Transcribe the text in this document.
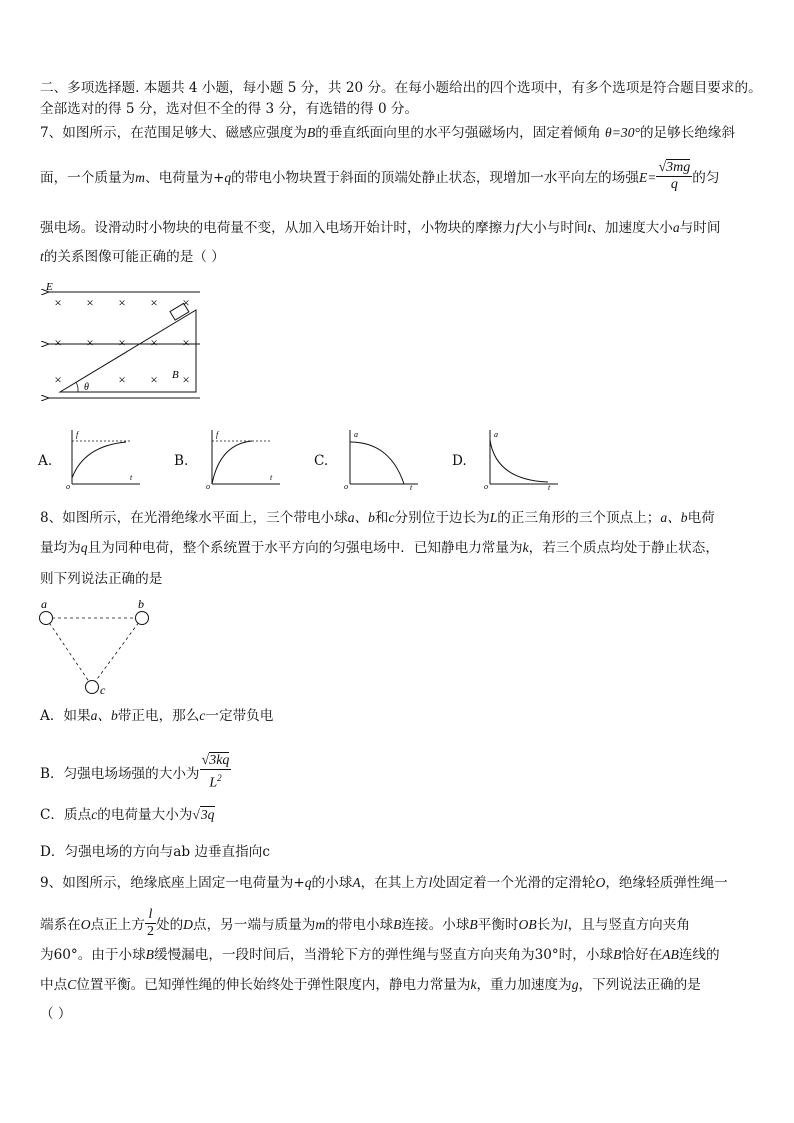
二、多项选择题. 本题共 4 小题，每小题 5 分，共 20 分。在每小题给出的四个选项中，有多个选项是符合题目要求的。
全部选对的得 5 分，选对但不全的得 3 分，有选错的得 0 分。
7、如图所示，在范围足够大、磁感应强度为B的垂直纸面向里的水平匀强磁场内，固定着倾角 θ=30°的足够长绝缘斜
面，一个质量为m、电荷量为+q的带电小物块置于斜面的顶端处静止状态，现增加一水平向左的场强$E= \frac{√3mg}{q}$ 的匀
强电场。设滑动时小物块的电荷量不变，从加入电场开始计时，小物块的摩擦力f大小与时间t、加速度大小a与时间
t的关系图像可能正确的是（ ）
E
× × × × ×
× × × × ×
×	× × ×
B
θ
A.
f
o
t
B.
f
o
t
C.
a
o	t
D.
a
o	t
8、如图所示，在光滑绝缘水平面上，三个带电小球a、b和c分别位于边长为L的正三角形的三个顶点上；a、b电荷
量均为q且为同种电荷，整个系统置于水平方向的匀强电场中．已知静电力常量为k，若三个质点均处于静止状态，
则下列说法正确的是
a	b
c
A．如果a、b带正电，那么c一定带负电
B．匀强电场场强的大小为 $\frac{√3kq}{L^2}$
C．质点c的电荷量大小为√3q
D．匀强电场的方向与ab 边垂直指向c
9、如图所示，绝缘底座上固定一电荷量为+q的小球A，在其上方l处固定着一个光滑的定滑轮O，绝缘轻质弹性绳一
端系在O点正上方 $\frac{l}{2}$ 处的D点，另一端与质量为m的带电小球B连接。小球B平衡时OB长为l，且与竖直方向夹角
为60°。由于小球B缓慢漏电，一段时间后，当滑轮下方的弹性绳与竖直方向夹角为30°时，小球B恰好在AB连线的
中点C位置平衡。已知弹性绳的伸长始终处于弹性限度内，静电力常量为k，重力加速度为g，下列说法正确的是
（ ）
